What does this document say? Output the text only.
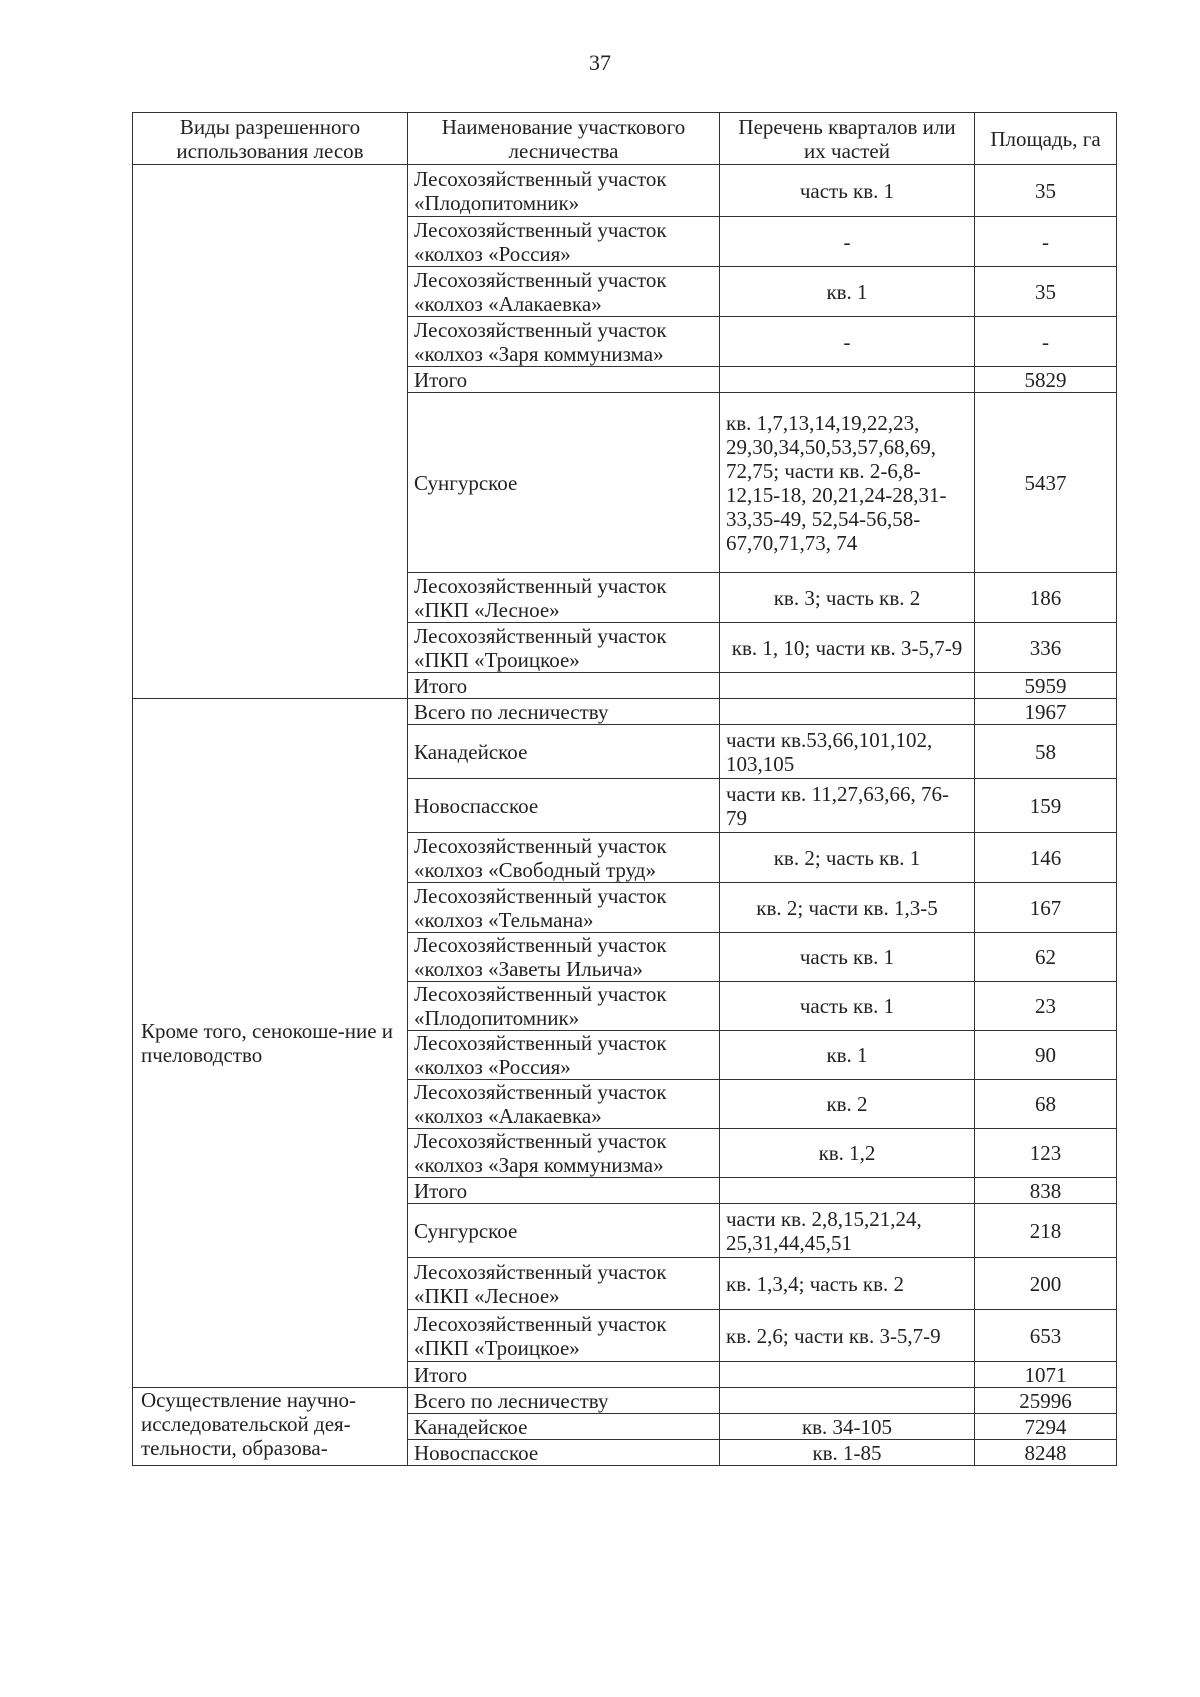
37
Виды разрешенного использования лесов	Наименование участкового лесничества	Перечень кварталов или их частей	Площадь, га
	Лесохозяйственный участок «Плодопитомник»	часть кв. 1	35
	Лесохозяйственный участок «колхоз «Россия»	-	-
	Лесохозяйственный участок «колхоз «Алакаевка»	кв. 1	35
	Лесохозяйственный участок «колхоз «Заря коммунизма»	-	-
	Итого		5829
	Сунгурское	кв. 1,7,13,14,19,22,23, 29,30,34,50,53,57,68,69, 72,75; части кв. 2-6,8-12,15-18, 20,21,24-28,31-33,35-49, 52,54-56,58-67,70,71,73, 74	5437
	Лесохозяйственный участок «ПКП «Лесное»	кв. 3; часть кв. 2	186
	Лесохозяйственный участок «ПКП «Троицкое»	кв. 1, 10; части кв. 3-5,7-9	336
	Итого		5959
Кроме того, сенокоше-ние и пчеловодство	Всего по лесничеству		1967
	Канадейское	части кв.53,66,101,102, 103,105	58
	Новоспасское	части кв. 11,27,63,66, 76-79	159
	Лесохозяйственный участок «колхоз «Свободный труд»	кв. 2; часть кв. 1	146
	Лесохозяйственный участок «колхоз «Тельмана»	кв. 2; части кв. 1,3-5	167
	Лесохозяйственный участок «колхоз «Заветы Ильича»	часть кв. 1	62
	Лесохозяйственный участок «Плодопитомник»	часть кв. 1	23
	Лесохозяйственный участок «колхоз «Россия»	кв. 1	90
	Лесохозяйственный участок «колхоз «Алакаевка»	кв. 2	68
	Лесохозяйственный участок «колхоз «Заря коммунизма»	кв. 1,2	123
	Итого		838
	Сунгурское	части кв. 2,8,15,21,24, 25,31,44,45,51	218
	Лесохозяйственный участок «ПКП «Лесное»	кв. 1,3,4; часть кв. 2	200
	Лесохозяйственный участок «ПКП «Троицкое»	кв. 2,6; части кв. 3-5,7-9	653
	Итого		1071
Осуществление научно-исследовательской дея-тельности, образова-	Всего по лесничеству		25996
	Канадейское	кв. 34-105	7294
	Новоспасское	кв. 1-85	8248
